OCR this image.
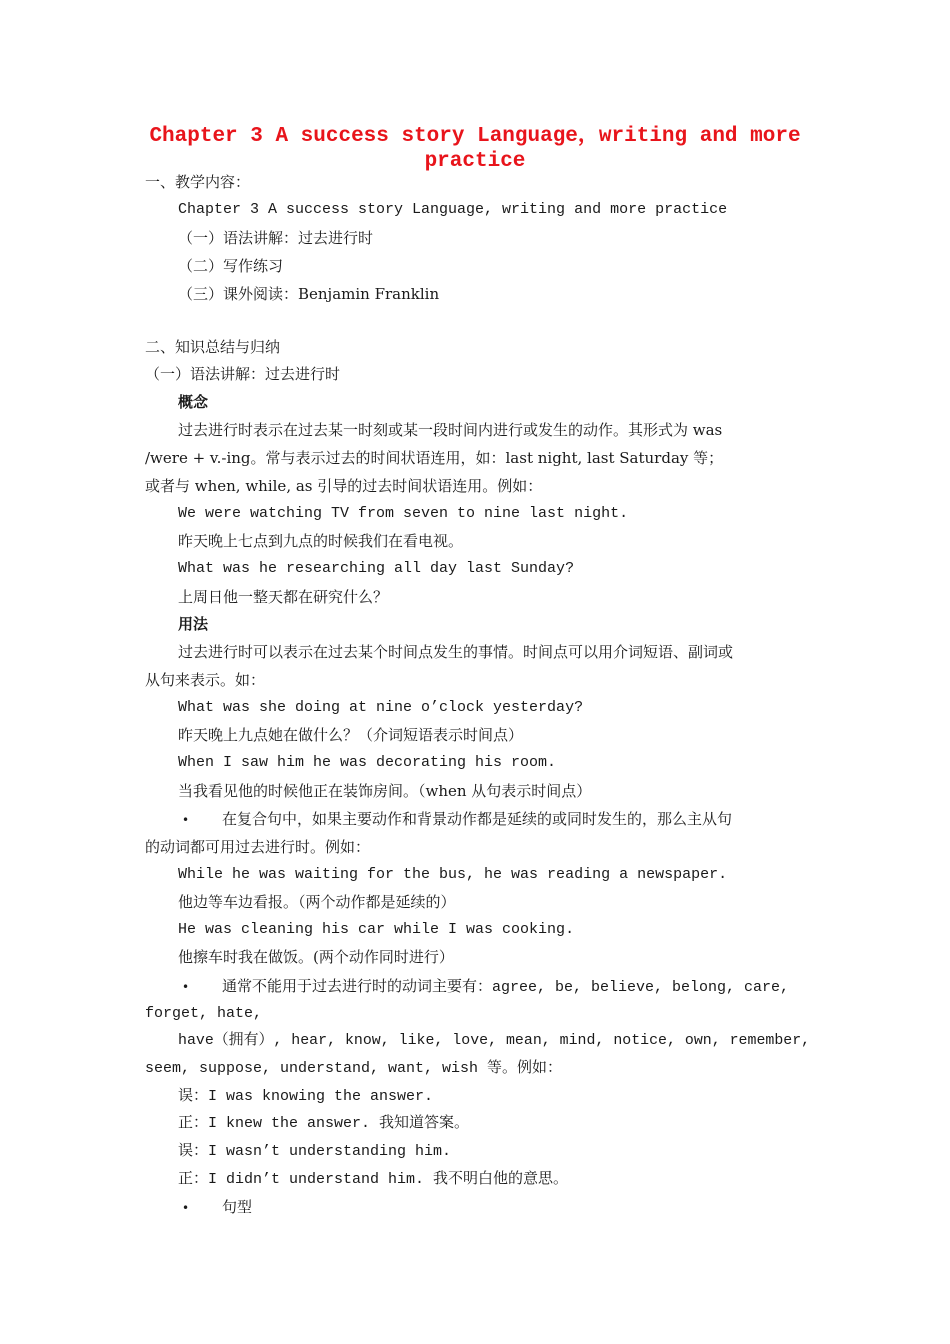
Chapter 3 A success story Language，writing and more
practice
一、教学内容：
Chapter 3 A success story Language, writing and more practice
（一）语法讲解：过去进行时
（二）写作练习
（三）课外阅读：Benjamin Franklin
二、知识总结与归纳
（一）语法讲解：过去进行时
概念
过去进行时表示在过去某一时刻或某一段时间内进行或发生的动作。其形式为 was
/were + v.-ing。常与表示过去的时间状语连用，如：last night, last Saturday 等；
或者与 when, while, as 引导的过去时间状语连用。例如：
We were watching TV from seven to nine last night.
昨天晚上七点到九点的时候我们在看电视。
What was he researching all day last Sunday?
上周日他一整天都在研究什么？
用法
过去进行时可以表示在过去某个时间点发生的事情。时间点可以用介词短语、副词或
从句来表示。如：
What was she doing at nine o’clock yesterday?
昨天晚上九点她在做什么？（介词短语表示时间点）
When I saw him he was decorating his room.
当我看见他的时候他正在装饰房间。（when 从句表示时间点）
• 在复合句中，如果主要动作和背景动作都是延续的或同时发生的，那么主从句
的动词都可用过去进行时。例如：
While he was waiting for the bus, he was reading a newspaper.
他边等车边看报。（两个动作都是延续的）
He was cleaning his car while I was cooking.
他擦车时我在做饭。(两个动作同时进行）
• 通常不能用于过去进行时的动词主要有：agree, be, believe, belong, care,
forget, hate,
have（拥有）, hear, know, like, love, mean, mind, notice, own, remember,
seem, suppose, understand, want, wish 等。例如：
误：I was knowing the answer.
正：I knew the answer. 我知道答案。
误：I wasn’t understanding him.
正：I didn’t understand him. 我不明白他的意思。
• 句型
